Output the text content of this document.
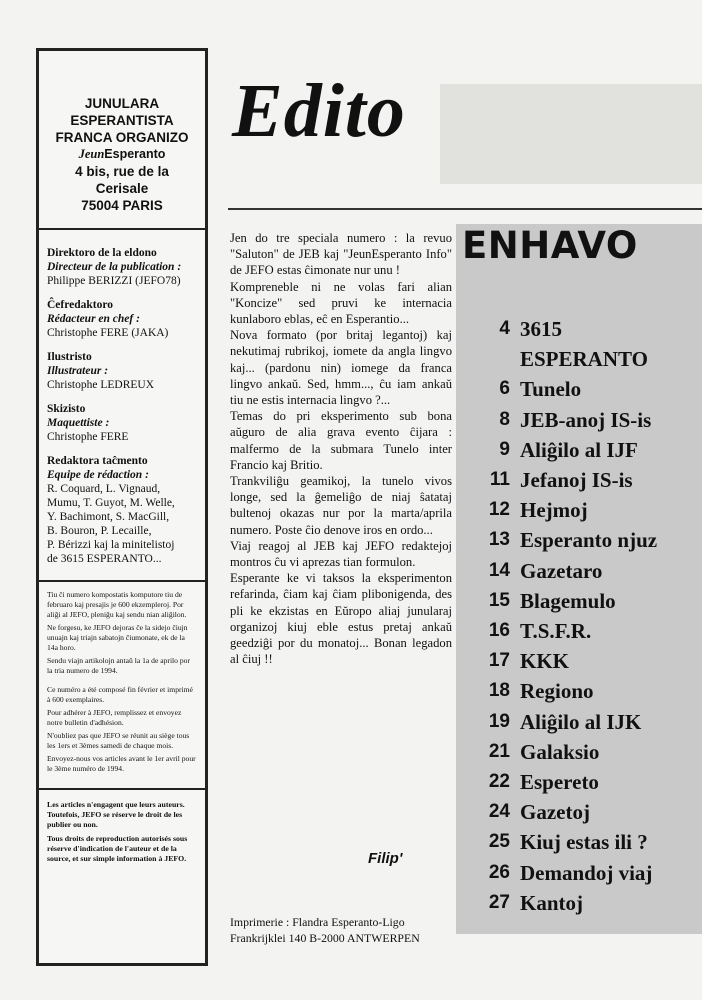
JUNULARA
ESPERANTISTA
FRANCA ORGANIZO
JeunEsperanto
4 bis, rue de la
Cerisale
75004 PARIS
Direktoro de la eldono
Directeur de la publication :
Philippe BERIZZI (JEFO78)
Ĉefredaktoro
Rédacteur en chef :
Christophe FERE (JAKA)
Ilustristo
Illustrateur :
Christophe LEDREUX
Skizisto
Maquettiste :
Christophe FERE
Redaktora taĉmento
Equipe de rédaction :
R. Coquard, L. Vignaud,
Mumu, T. Guyot, M. Welle,
Y. Bachimont, S. MacGill,
B. Bouron, P. Lecaille,
P. Bérizzi kaj la minitelistoj
de 3615 ESPERANTO...

Tiu ĉi numero kompostatis komputore tiu de februaro kaj presajis je 600 ekzempleroj. Por aliĝi al JEFO, pleniĝu kaj sendu nian aliĝilon.

Ne forgesu, ke JEFO dejoras ĉe la sidejo ĉiujn unuajn kaj triajn sabatojn ĉiumonate, ek de la 14a horo.

Sendu viajn artikolojn antaŭ la 1a de aprilo por la tria numero de 1994.

Ce numéro a été composé fin février et imprimé à 600 exemplaires.

Pour adhérer à JEFO, remplissez et envoyez notre bulletin d'adhésion.

N'oubliez pas que JEFO se réunit au siège tous les 1ers et 3èmes samedi de chaque mois.

Envoyez-nous vos articles avant le 1er avril pour le 3ème numéro de 1994.

Les articles n'engagent que leurs auteurs. Toutefois, JEFO se réserve le droit de les publier ou non.

Tous droits de reproduction autorisés sous réserve d'indication de l'auteur et de la source, et sur simple information à JEFO.

Edito

Jen do tre speciala numero : la revuo "Saluton" de JEB kaj "JeunEsperanto Info" de JEFO estas ĉimonate nur unu !

Kompreneble ni ne volas fari alian "Koncize" sed pruvi ke internacia kunlaboro eblas, eĉ en Esperantio...

Nova formato (por britaj legantoj) kaj nekutimaj rubrikoj, iomete da angla lingvo kaj... (pardonu nin) iomege da franca lingvo ankaŭ. Sed, hmm..., ĉu iam ankaŭ tiu ne estis internacia lingvo ?...

Temas do pri eksperimento sub bona aŭguro de alia grava evento ĉijara : malfermo de la submara Tunelo inter Francio kaj Britio.

Trankviliĝu geamikoj, la tunelo vivos longe, sed la ĝemeliĝo de niaj ŝatataj bultenoj okazas nur por la marta/aprila numero. Poste ĉio denove iros en ordo...

Viaj reagoj al JEB kaj JEFO redaktejoj montros ĉu vi aprezas tian formulon.

Esperante ke vi taksos la eksperimenton refarinda, ĉiam kaj ĉiam plibonigenda, des pli ke ekzistas en Eŭropo aliaj junularaj organizoj kiuj eble estus pretaj ankaŭ geedziĝi por du monatoj... Bonan legadon al ĉiuj !!

Filip'
Imprimerie : Flandra Esperanto-Ligo
Frankrijklei 140 B-2000 ANTWERPEN
ENHAVO
4 3615
ESPERANTO
6 Tunelo
8 JEB-anoj IS-is
9 Aliĝilo al IJF
11 Jefanoj IS-is
12 Hejmoj
13 Esperanto njuz
14 Gazetaro
15 Blagemulo
16 T.S.F.R.
17 KKK
18 Regiono
19 Aliĝilo al IJK
21 Galaksio
22 Espereto
24 Gazetoj
25 Kiuj estas ili ?
26 Demandoj viaj
27 Kantoj
